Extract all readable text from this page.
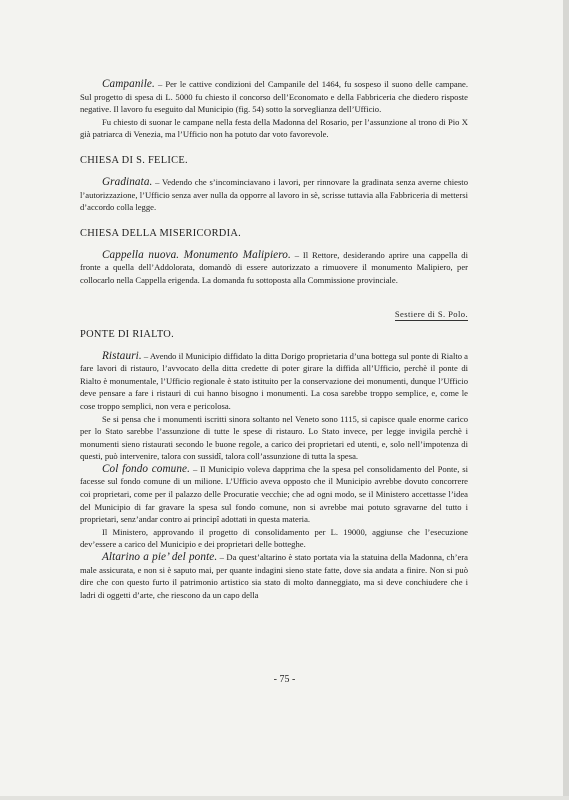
Campanile. – Per le cattive condizioni del Campanile del 1464, fu sospeso il suono delle campane. Sul progetto di spesa di L. 5000 fu chiesto il concorso dell’Economato e della Fabbriceria che diedero risposte negative. Il lavoro fu eseguito dal Municipio (fig. 54) sotto la sorveglianza dell’Ufficio.

Fu chiesto di suonar le campane nella festa della Madonna del Rosario, per l’assunzione al trono di Pio X già patriarca di Venezia, ma l’Ufficio non ha potuto dar voto favorevole.

CHIESA DI S. FELICE.

Gradinata. – Vedendo che s’incominciavano i lavori, per rinnovare la gradinata senza averne chiesto l’autorizzazione, l’Ufficio senza aver nulla da opporre al lavoro in sè, scrisse tuttavia alla Fabbriceria di mettersi d’accordo colla legge.

CHIESA DELLA MISERICORDIA.

Cappella nuova. Monumento Malipiero. – Il Rettore, desiderando aprire una cappella di fronte a quella dell’Addolorata, domandò di essere autorizzato a rimuovere il monumento Malipiero, per collocarlo nella Cappella erigenda. La domanda fu sottoposta alla Commissione provinciale.

Sestiere di S. Polo.
PONTE DI RIALTO.

Ristauri. – Avendo il Municipio diffidato la ditta Dorigo proprietaria d’una bottega sul ponte di Rialto a fare lavori di ristauro, l’avvocato della ditta credette di poter girare la diffida all’Ufficio, perchè il ponte di Rialto è monumentale, l’Ufficio regionale è stato istituito per la conservazione dei monumenti, dunque l’Ufficio deve pensare a fare i ristauri di cui hanno bisogno i monumenti. La cosa sarebbe troppo semplice, e, come le cose troppo semplici, non vera e pericolosa.

Se si pensa che i monumenti iscritti sinora soltanto nel Veneto sono 1115, si capisce quale enorme carico per lo Stato sarebbe l’assunzione di tutte le spese di ristauro. Lo Stato invece, per legge invigila perchè i monumenti sieno ristaurati secondo le buone regole, a carico dei proprietari ed utenti, e, solo nell’impotenza di questi, può intervenire, talora con sussidî, talora coll’assunzione di tutta la spesa.

Col fondo comune. – Il Municipio voleva dapprima che la spesa pel consolidamento del Ponte, si facesse sul fondo comune di un milione. L’Ufficio aveva opposto che il Municipio avrebbe dovuto concorrere coi proprietari, come per il palazzo delle Procuratie vecchie; che ad ogni modo, se il Ministero accettasse l’idea del Municipio di far gravare la spesa sul fondo comune, non si avrebbe mai potuto sgravarne del tutto i proprietari, senz’andar contro ai principî adottati in questa materia.

Il Ministero, approvando il progetto di consolidamento per L. 19000, aggiunse che l’esecuzione dev’essere a carico del Municipio e dei proprietari delle botteghe.

Altarino a pie’ del ponte. – Da quest’altarino è stato portata via la statuina della Madonna, ch’era male assicurata, e non si è saputo mai, per quante indagini sieno state fatte, dove sia andata a finire. Non si può dire che con questo furto il patrimonio artistico sia stato di molto danneggiato, ma si deve conchiudere che i ladri di oggetti d’arte, che riescono da un capo della

- 75 -
